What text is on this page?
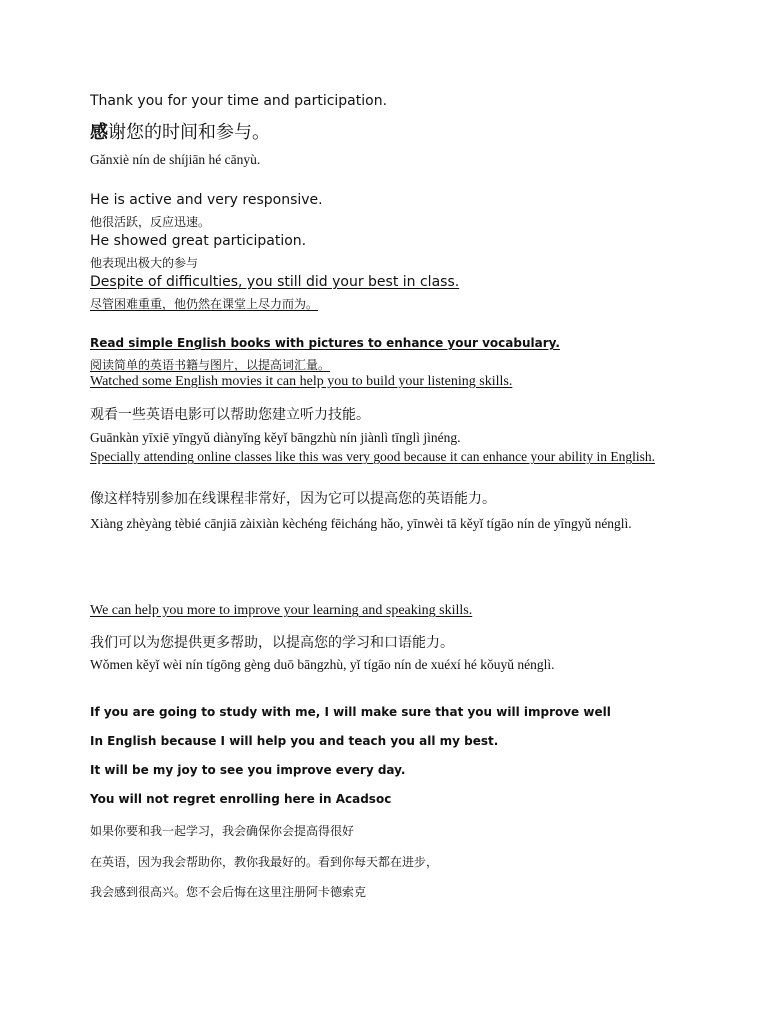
Thank you for your time and participation.
感谢您的时间和参与。
Gǎnxiè nín de shíjiān hé cānyù.
He is active and very responsive.
他很活跃，反应迅速。
He showed great participation.
他表现出极大的参与
Despite of difficulties, you still did your best in class.
尽管困难重重，他仍然在课堂上尽力而为。
Read simple English books with pictures to enhance your vocabulary.
阅读简单的英语书籍与图片，以提高词汇量。
Watched some English movies it can help you to build your listening skills.
观看一些英语电影可以帮助您建立听力技能。
Guānkàn yīxiē yīngyǔ diànyǐng kěyǐ bāngzhù nín jiànlì tīnglì jìnéng.
Specially attending online classes like this was very good because it can enhance your ability in English.
像这样特别参加在线课程非常好，因为它可以提高您的英语能力。
Xiàng zhèyàng tèbié cānjiā zàixiàn kèchéng fēicháng hǎo, yīnwèi tā kěyǐ tígāo nín de yīngyǔ nénglì.
We can help you more to improve your learning and speaking skills.
我们可以为您提供更多帮助，以提高您的学习和口语能力。
Wǒmen kěyǐ wèi nín tígōng gèng duō bāngzhù, yǐ tígāo nín de xuéxí hé kǒuyǔ nénglì.
If you are going to study with me, I will make sure that you will improve well
In English because I will help you and teach you all my best.
It will be my joy to see you improve every day.
You will not regret enrolling here in Acadsoc
如果你要和我一起学习，我会确保你会提高得很好
在英语，因为我会帮助你，教你我最好的。看到你每天都在进步，
我会感到很高兴。您不会后悔在这里注册阿卡德索克
